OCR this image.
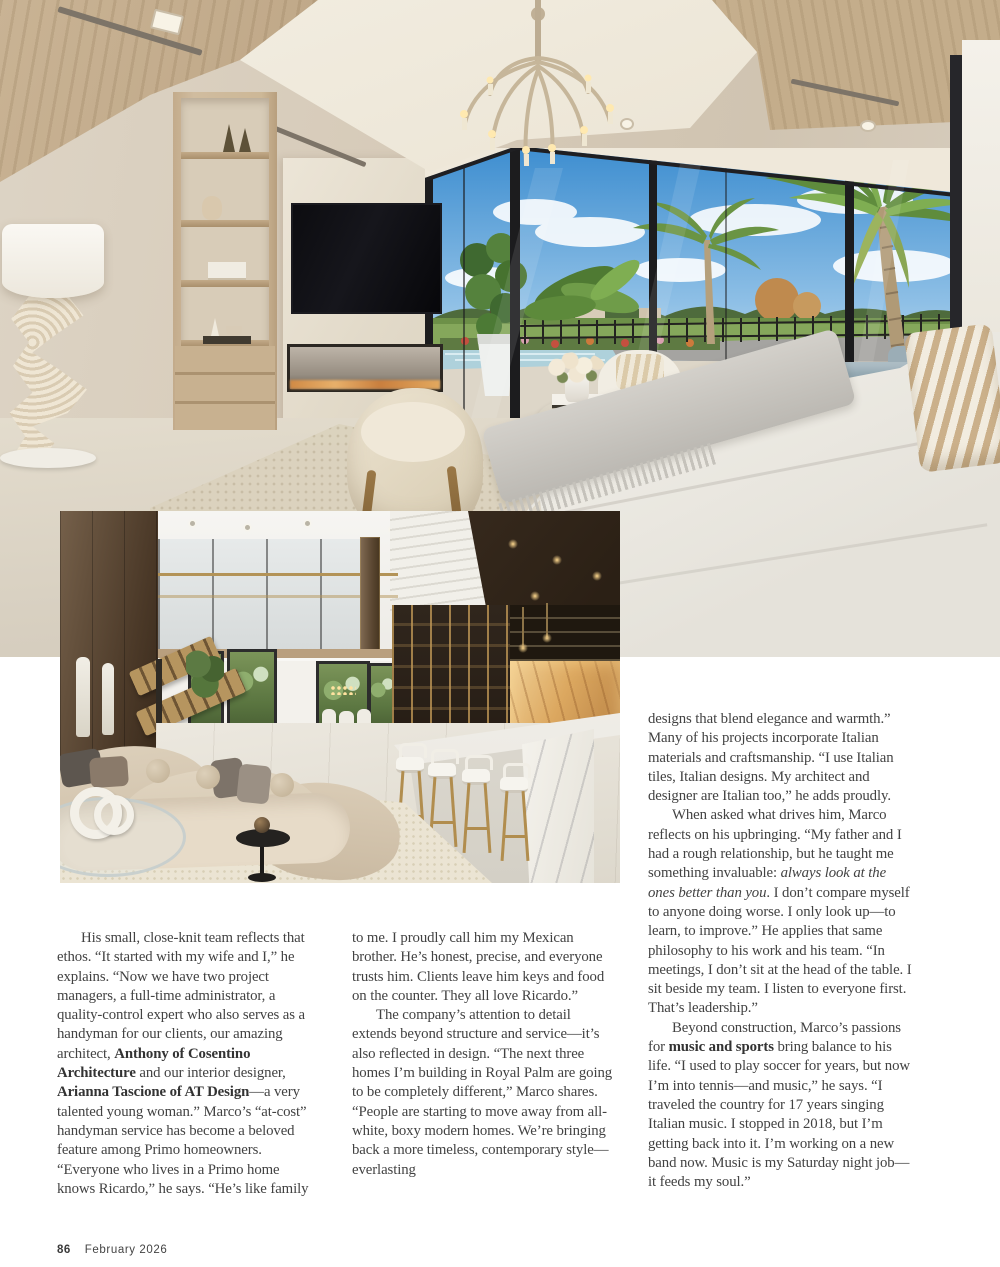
His small, close-knit team reflects that ethos. “It started with my wife and I,” he explains. “Now we have two project managers, a full-time administrator, a quality-control expert who also serves as a handyman for our clients, our amazing architect, Anthony of Cosentino Architecture and our interior designer, Arianna Tascione of AT Design—a very talented young woman.” Marco’s “at-cost” handyman service has become a beloved feature among Primo homeowners. “Everyone who lives in a Primo home knows Ricardo,” he says. “He’s like family

to me. I proudly call him my Mexican brother. He’s honest, precise, and everyone trusts him. Clients leave him keys and food on the counter. They all love Ricardo.”

The company’s attention to detail extends beyond structure and service—it’s also reflected in design. “The next three homes I’m building in Royal Palm are going to be completely different,” Marco shares. “People are starting to move away from all-white, boxy modern homes. We’re bringing back a more timeless, contemporary style—everlasting

designs that blend elegance and warmth.” Many of his projects incorporate Italian materials and craftsmanship. “I use Italian tiles, Italian designs. My architect and designer are Italian too,” he adds proudly.

When asked what drives him, Marco reflects on his upbringing. “My father and I had a rough relationship, but he taught me something invaluable: always look at the ones better than you. I don’t compare myself to anyone doing worse. I only look up—to learn, to improve.” He applies that same philosophy to his work and his team. “In meetings, I don’t sit at the head of the table. I sit beside my team. I listen to everyone first. That’s leadership.”

Beyond construction, Marco’s passions for music and sports bring balance to his life. “I used to play soccer for years, but now I’m into tennis—and music,” he says. “I traveled the country for 17 years singing Italian music. I stopped in 2018, but I’m getting back into it. I’m working on a new band now. Music is my Saturday night job—it feeds my soul.”

86 February 2026
